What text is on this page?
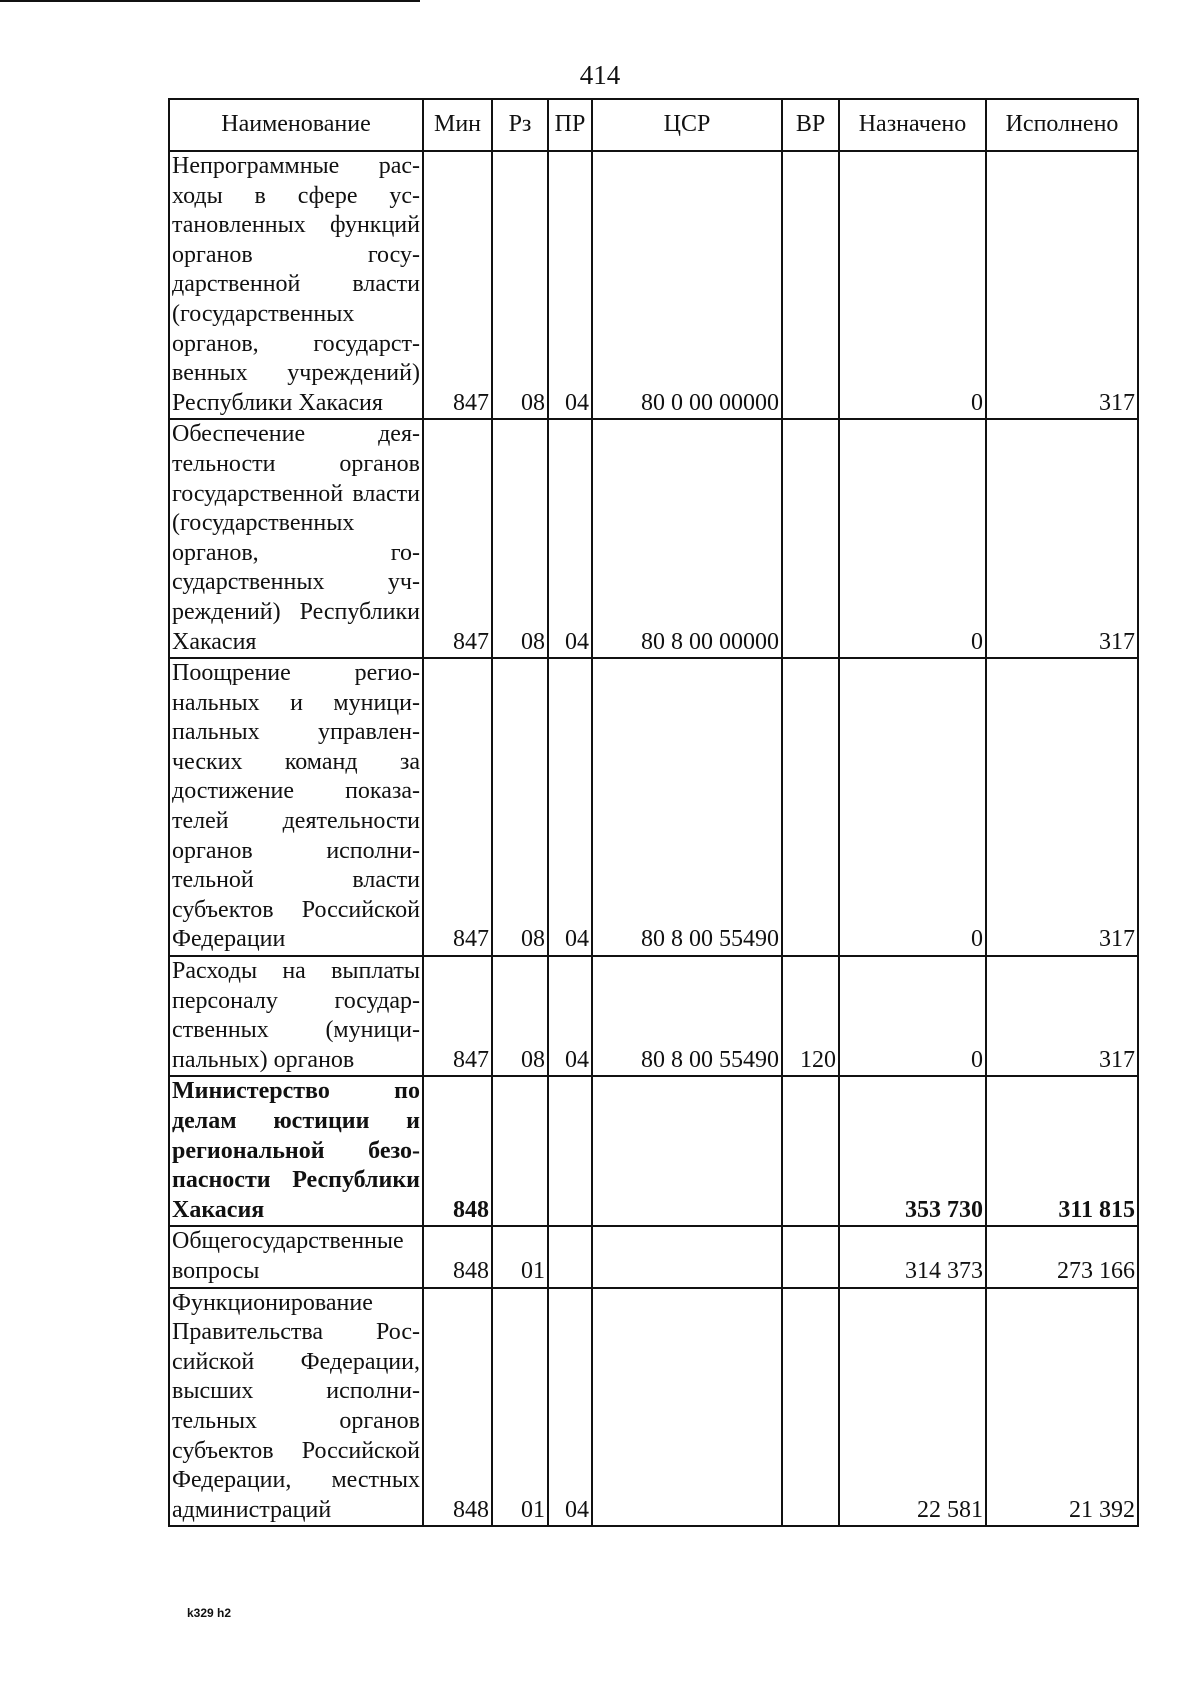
414
Наименование	Мин	Рз	ПР	ЦСР	ВР	Назначено	Исполнено
Непрограммные расходы в сфере установленных функций органов государственной власти (государственных органов, государственных учреждений) Республики Хакасия	847	08	04	80 0 00 00000		0	317
Обеспечение деятельности органов государственной власти (государственных органов, государственных учреждений) Республики Хакасия	847	08	04	80 8 00 00000		0	317
Поощрение региональных и муниципальных управленческих команд за достижение показателей деятельности органов исполнительной власти субъектов Российской Федерации	847	08	04	80 8 00 55490		0	317
Расходы на выплаты персоналу государственных (муниципальных) органов	847	08	04	80 8 00 55490	120	0	317
Министерство по делам юстиции и региональной безопасности Республики Хакасия	848					353 730	311 815
Общегосударственные вопросы	848	01				314 373	273 166
Функционирование Правительства Российской Федерации, высших исполнительных органов субъектов Российской Федерации, местных администраций	848	01	04			22 581	21 392
k329 h2
